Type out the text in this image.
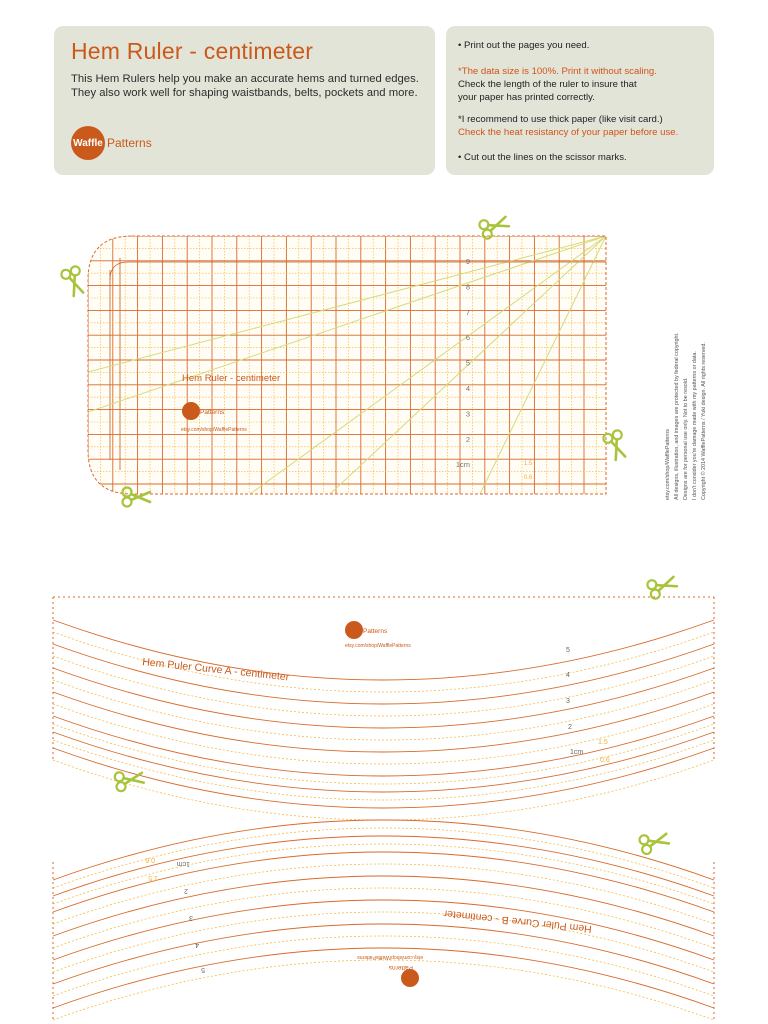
Hem Ruler - centimeter
This Hem Rulers help you make an accurate hems and turned edges.
They also work well for shaping waistbands, belts, pockets and more.
Waffle Patterns
• Print out the pages you need.
*The data size is 100%. Print it without scaling.
Check the length of the ruler to insure that
your paper has printed correctly.
*I recommend to use thick paper (like visit card.)
Check the heat resistancy of your paper before use.
• Cut out the lines on the scissor marks.
etsy.com/shop/WafflePatterns All designs, illustration, and images are protected by federal copyright. Designs are for personal use only. Not to be resold. I don't consider you're damage made with my patterns or data. Copyright © 2014 WafflePatterns / Yuki design. All rights reserved.
9
8
7
6
5
4
3
2
1cm	1.5
0.6
Hem Ruler - centimeter
Patterns
etsy.com/shop/WafflePatterns
Hem Puler Curve A - centimeter
Patterns
etsy.com/shop/WafflePatterns
5
4
3
2
1cm
1.5
0.6
Hem Puler Curve B - centimeter
Patterns
etsy.com/shop/WafflePatterns
5
4
3
2
1cm
1.5
0.6
